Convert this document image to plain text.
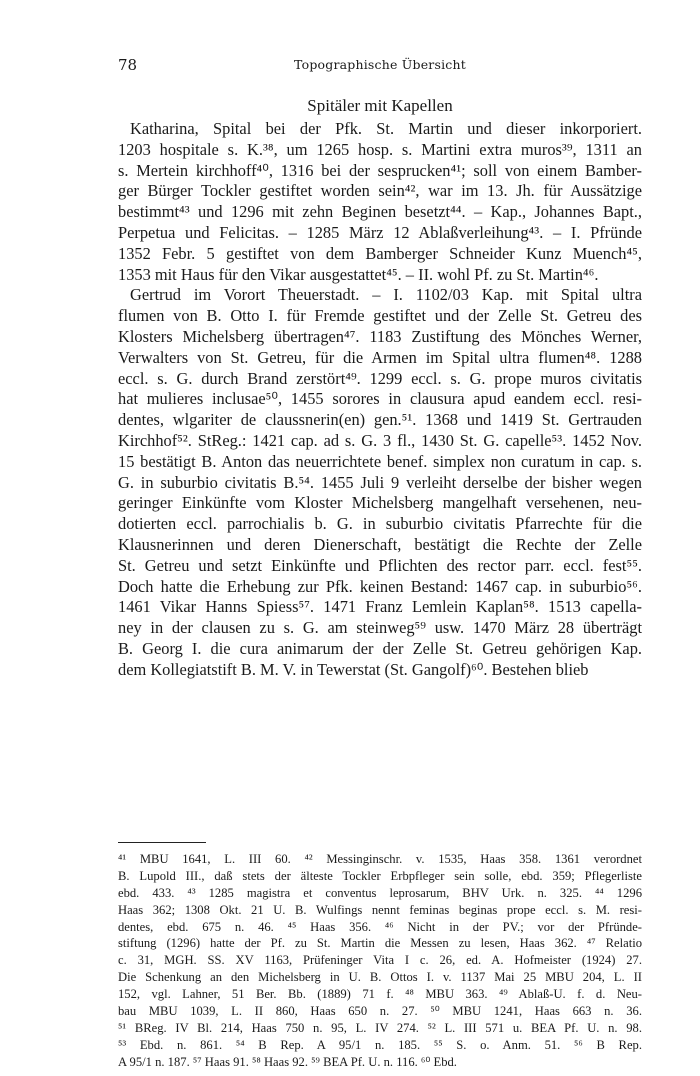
78	Topographische Übersicht
Spitäler mit Kapellen
Katharina, Spital bei der Pfk. St. Martin und dieser inkorporiert.
1203 hospitale s. K.³⁸, um 1265 hosp. s. Martini extra muros³⁹, 1311 an
s. Mertein kirchhoff⁴⁰, 1316 bei der sesprucken⁴¹; soll von einem Bamber-
ger Bürger Tockler gestiftet worden sein⁴², war im 13. Jh. für Aussätzige
bestimmt⁴³ und 1296 mit zehn Beginen besetzt⁴⁴. – Kap., Johannes Bapt.,
Perpetua und Felicitas. – 1285 März 12 Ablaßverleihung⁴³. – I. Pfründe
1352 Febr. 5 gestiftet von dem Bamberger Schneider Kunz Muench⁴⁵,
1353 mit Haus für den Vikar ausgestattet⁴⁵. – II. wohl Pf. zu St. Martin⁴⁶.
Gertrud im Vorort Theuerstadt. – I. 1102/03 Kap. mit Spital ultra
flumen von B. Otto I. für Fremde gestiftet und der Zelle St. Getreu des
Klosters Michelsberg übertragen⁴⁷. 1183 Zustiftung des Mönches Werner,
Verwalters von St. Getreu, für die Armen im Spital ultra flumen⁴⁸. 1288
eccl. s. G. durch Brand zerstört⁴⁹. 1299 eccl. s. G. prope muros civitatis
hat mulieres inclusae⁵⁰, 1455 sorores in clausura apud eandem eccl. resi-
dentes, wlgariter de claussnerin(en) gen.⁵¹. 1368 und 1419 St. Gertrauden
Kirchhof⁵². StReg.: 1421 cap. ad s. G. 3 fl., 1430 St. G. capelle⁵³. 1452 Nov.
15 bestätigt B. Anton das neuerrichtete benef. simplex non curatum in cap. s.
G. in suburbio civitatis B.⁵⁴. 1455 Juli 9 verleiht derselbe der bisher wegen
geringer Einkünfte vom Kloster Michelsberg mangelhaft versehenen, neu-
dotierten eccl. parrochialis b. G. in suburbio civitatis Pfarrechte für die
Klausnerinnen und deren Dienerschaft, bestätigt die Rechte der Zelle
St. Getreu und setzt Einkünfte und Pflichten des rector parr. eccl. fest⁵⁵.
Doch hatte die Erhebung zur Pfk. keinen Bestand: 1467 cap. in suburbio⁵⁶.
1461 Vikar Hanns Spiess⁵⁷. 1471 Franz Lemlein Kaplan⁵⁸. 1513 capella-
ney in der clausen zu s. G. am steinweg⁵⁹ usw. 1470 März 28 überträgt
B. Georg I. die cura animarum der der Zelle St. Getreu gehörigen Kap.
dem Kollegiatstift B. M. V. in Tewerstat (St. Gangolf)⁶⁰. Bestehen blieb
⁴¹ MBU 1641, L. III 60. ⁴² Messinginschr. v. 1535, Haas 358. 1361 verordnet
B. Lupold III., daß stets der älteste Tockler Erbpfleger sein solle, ebd. 359; Pflegerliste
ebd. 433. ⁴³ 1285 magistra et conventus leprosarum, BHV Urk. n. 325. ⁴⁴ 1296
Haas 362; 1308 Okt. 21 U. B. Wulfings nennt feminas beginas prope eccl. s. M. resi-
dentes, ebd. 675 n. 46. ⁴⁵ Haas 356. ⁴⁶ Nicht in der PV.; vor der Pfründe-
stiftung (1296) hatte der Pf. zu St. Martin die Messen zu lesen, Haas 362. ⁴⁷ Relatio
c. 31, MGH. SS. XV 1163, Prüfeninger Vita I c. 26, ed. A. Hofmeister (1924) 27.
Die Schenkung an den Michelsberg in U. B. Ottos I. v. 1137 Mai 25 MBU 204, L. II
152, vgl. Lahner, 51 Ber. Bb. (1889) 71 f. ⁴⁸ MBU 363. ⁴⁹ Ablaß-U. f. d. Neu-
bau MBU 1039, L. II 860, Haas 650 n. 27. ⁵⁰ MBU 1241, Haas 663 n. 36.
⁵¹ BReg. IV Bl. 214, Haas 750 n. 95, L. IV 274. ⁵² L. III 571 u. BEA Pf. U. n. 98.
⁵³ Ebd. n. 861. ⁵⁴ B Rep. A 95/1 n. 185. ⁵⁵ S. o. Anm. 51. ⁵⁶ B Rep.
A 95/1 n. 187. ⁵⁷ Haas 91. ⁵⁸ Haas 92. ⁵⁹ BEA Pf. U. n. 116. ⁶⁰ Ebd.
